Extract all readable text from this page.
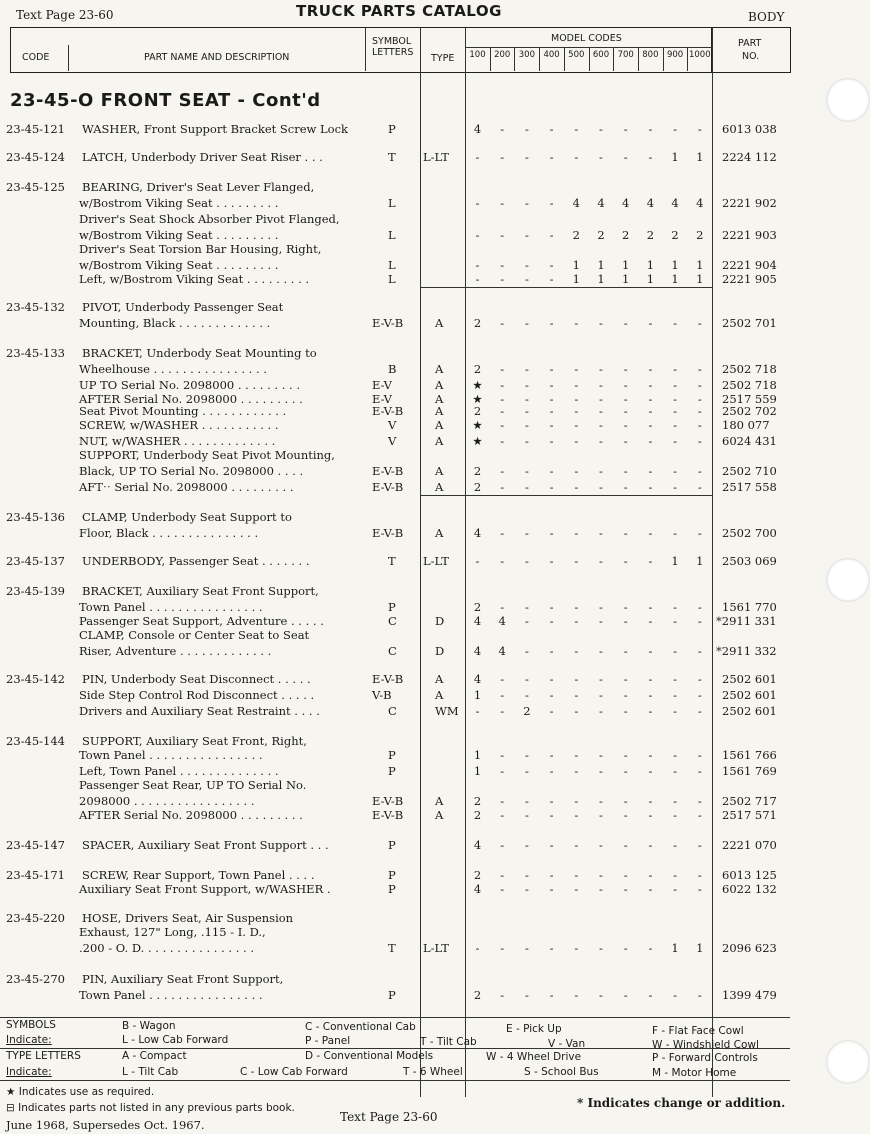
Text Page 23-60	TRUCK PARTS CATALOG	BODY
CODE	PART NAME AND DESCRIPTION
SYMBOL
LETTERS
TYPE
MODEL CODES	PART
NO.
23-45-O FRONT SEAT - Cont'd
23-45-121 WASHER, Front Support Bracket Screw Lock	P	4	-	-	-	-	-	-	-	-	-	6013 038
23-45-124 LATCH, Underbody Driver Seat Riser . . .	T L-LT	-	-	-	-	-	-	-	-	1	1	2224 112
23-45-125 BEARING, Driver's Seat Lever Flanged,
w/Bostrom Viking Seat . . . . . . . . .	L	-	-	-	-	4	4	4	4	4	4	2221 902
Driver's Seat Shock Absorber Pivot Flanged,
w/Bostrom Viking Seat . . . . . . . . .	L	-	-	-	-	2	2	2	2	2	2	2221 903
Driver's Seat Torsion Bar Housing, Right,
w/Bostrom Viking Seat . . . . . . . . .	L	-	-	-	-	1	1	1	1	1	1	2221 904
Left, w/Bostrom Viking Seat . . . . . . . . .	L	-	-	-	-	1	1	1	1	1	1	2221 905
23-45-132 PIVOT, Underbody Passenger Seat
Mounting, Black . . . . . . . . . . . . .	E-V-B	A	2	-	-	-	-	-	-	-	-	-	2502 701
23-45-133 BRACKET, Underbody Seat Mounting to
Wheelhouse . . . . . . . . . . . . . . . .	B	A	2	-	-	-	-	-	-	-	-	-	2502 718
UP TO Serial No. 2098000 . . . . . . . . .	E-V	A	★	-	-	-	-	-	-	-	-	-	2502 718
AFTER Serial No. 2098000 . . . . . . . . .	E-V	A	★	-	-	-	-	-	-	-	-	-	2517 559
Seat Pivot Mounting . . . . . . . . . . . .	E-V-B	A	2	-	-	-	-	-	-	-	-	-	2502 702
SCREW, w/WASHER . . . . . . . . . . .	V	A	★	-	-	-	-	-	-	-	-	-	180 077
NUT, w/WASHER . . . . . . . . . . . . .	V	A	★	-	-	-	-	-	-	-	-	-	6024 431
SUPPORT, Underbody Seat Pivot Mounting,
Black, UP TO Serial No. 2098000 . . . .	E-V-B	A	2	-	-	-	-	-	-	-	-	-	2502 710
AFTˑˑ Serial No. 2098000 . . . . . . . . .	E-V-B	A	2	-	-	-	-	-	-	-	-	-	2517 558
23-45-136 CLAMP, Underbody Seat Support to
Floor, Black . . . . . . . . . . . . . . .	E-V-B	A	4	-	-	-	-	-	-	-	-	-	2502 700
23-45-137 UNDERBODY, Passenger Seat . . . . . . .	T L-LT	-	-	-	-	-	-	-	-	1	1	2503 069
23-45-139 BRACKET, Auxiliary Seat Front Support,
Town Panel . . . . . . . . . . . . . . . .	P	2	-	-	-	-	-	-	-	-	-	1561 770
Passenger Seat Support, Adventure . . . . .	C	D	4	4	-	-	-	-	-	-	-	-	*2911 331
CLAMP, Console or Center Seat to Seat
Riser, Adventure . . . . . . . . . . . . .	C	D	4	4	-	-	-	-	-	-	-	-	*2911 332
23-45-142 PIN, Underbody Seat Disconnect . . . . .	E-V-B	A	4	-	-	-	-	-	-	-	-	-	2502 601
Side Step Control Rod Disconnect . . . . .	V-B	A	1	-	-	-	-	-	-	-	-	-	2502 601
Drivers and Auxiliary Seat Restraint . . . .	C	WM	-	-	2	-	-	-	-	-	-	-	2502 601
23-45-144 SUPPORT, Auxiliary Seat Front, Right,
Town Panel . . . . . . . . . . . . . . . .	P	1	-	-	-	-	-	-	-	-	-	1561 766
Left, Town Panel . . . . . . . . . . . . . .	P	1	-	-	-	-	-	-	-	-	-	1561 769
Passenger Seat Rear, UP TO Serial No.
2098000 . . . . . . . . . . . . . . . . .	E-V-B	A	2	-	-	-	-	-	-	-	-	-	2502 717
AFTER Serial No. 2098000 . . . . . . . . .	E-V-B	A	2	-	-	-	-	-	-	-	-	-	2517 571
23-45-147 SPACER, Auxiliary Seat Front Support . . .	P	4	-	-	-	-	-	-	-	-	-	2221 070
23-45-171 SCREW, Rear Support, Town Panel . . . .	P	2	-	-	-	-	-	-	-	-	-	6013 125
Auxiliary Seat Front Support, w/WASHER .	P	4	-	-	-	-	-	-	-	-	-	6022 132
23-45-220 HOSE, Drivers Seat, Air Suspension
Exhaust, 127" Long, .115 - I. D.,
.200 - O. D. . . . . . . . . . . . . . . .	T L-LT	-	-	-	-	-	-	-	-	1	1	2096 623
23-45-270 PIN, Auxiliary Seat Front Support,
Town Panel . . . . . . . . . . . . . . . .	P	2	-	-	-	-	-	-	-	-	-	1399 479
SYMBOLS
Indicate:
B - Wagon	C - Conventional Cab	E - Pick Up	F - Flat Face Cowl
L - Low Cab Forward	P - Panel	T - Tilt Cab	V - Van	W - Windshield Cowl
TYPE LETTERS
Indicate:
A - Compact	D - Conventional Models	W - 4 Wheel Drive	P - Forward Controls
L - Tilt Cab	C - Low Cab Forward	T - 6 Wheel	S - School Bus	M - Motor Home
★ Indicates use as required.
⊟ Indicates parts not listed in any previous parts book.
June 1968, Supersedes Oct. 1967.
Text Page 23-60
* Indicates change or addition.
100 200 300 400 500 600 700 800 900 1000
